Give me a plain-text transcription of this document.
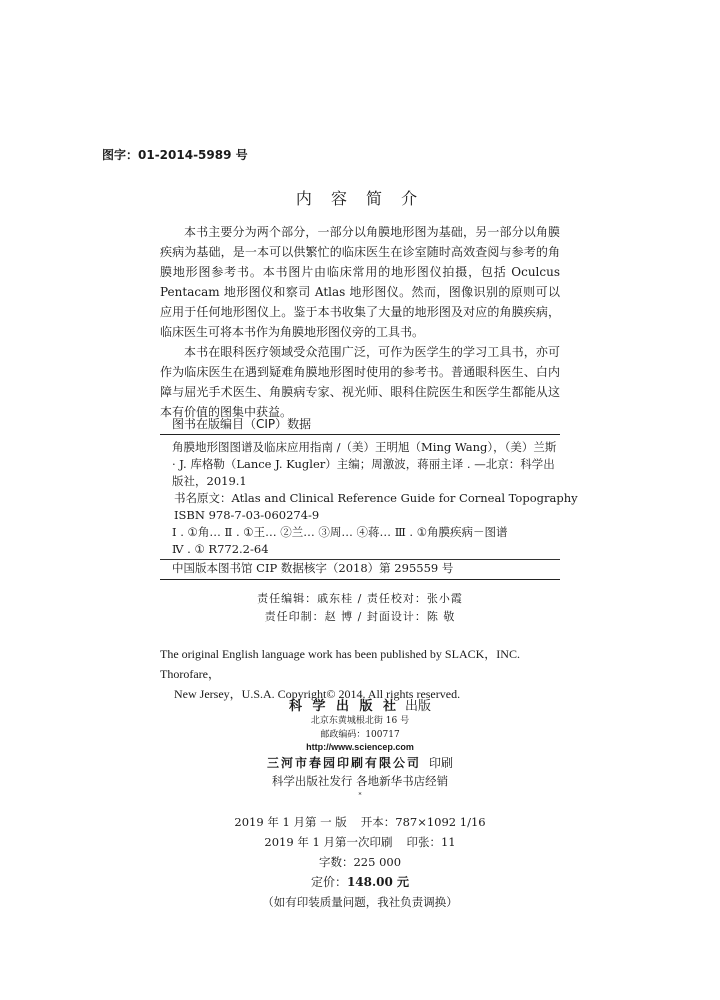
图字：01-2014-5989 号
内 容 简 介

本书主要分为两个部分，一部分以角膜地形图为基础，另一部分以角膜疾病为基础，是一本可以供繁忙的临床医生在诊室随时高效查阅与参考的角膜地形图参考书。本书图片由临床常用的地形图仪拍摄，包括 Oculcus Pentacam 地形图仪和察司 Atlas 地形图仪。然而，图像识别的原则可以应用于任何地形图仪上。鉴于本书收集了大量的地形图及对应的角膜疾病，临床医生可将本书作为角膜地形图仪旁的工具书。

本书在眼科医疗领域受众范围广泛，可作为医学生的学习工具书，亦可作为临床医生在遇到疑难角膜地形图时使用的参考书。普通眼科医生、白内障与屈光手术医生、角膜病专家、视光师、眼科住院医生和医学生都能从这本有价值的图集中获益。

图书在版编目（CIP）数据
角膜地形图图谱及临床应用指南 /（美）王明旭（Ming Wang），（美）兰斯 · J. 库格勒（Lance J. Kugler）主编；周激波，蒋丽主译 . —北京：科学出版社，2019.1
书名原文：Atlas and Clinical Reference Guide for Corneal Topography
ISBN 978-7-03-060274-9
Ⅰ . ①角… Ⅱ . ①王… ②兰… ③周… ④蒋… Ⅲ . ①角膜疾病－图谱
Ⅳ . ① R772.2-64
中国版本图书馆 CIP 数据核字（2018）第 295559 号
责任编辑：戚东桂 / 责任校对：张小霞
责任印制：赵 博 / 封面设计：陈 敬
The original English language work has been published by SLACK，INC. Thorofare，
New Jersey，U.S.A. Copyright© 2014. All rights reserved.
科 学 出 版 社 出版
北京东黄城根北街 16 号
邮政编码：100717
http://www.sciencep.com
三河市春园印刷有限公司 印刷
科学出版社发行 各地新华书店经销
*
2019 年 1 月第 一 版 开本：787×1092 1/16
2019 年 1 月第一次印刷 印张：11
字数：225 000
定价：148.00 元
（如有印装质量问题，我社负责调换）
